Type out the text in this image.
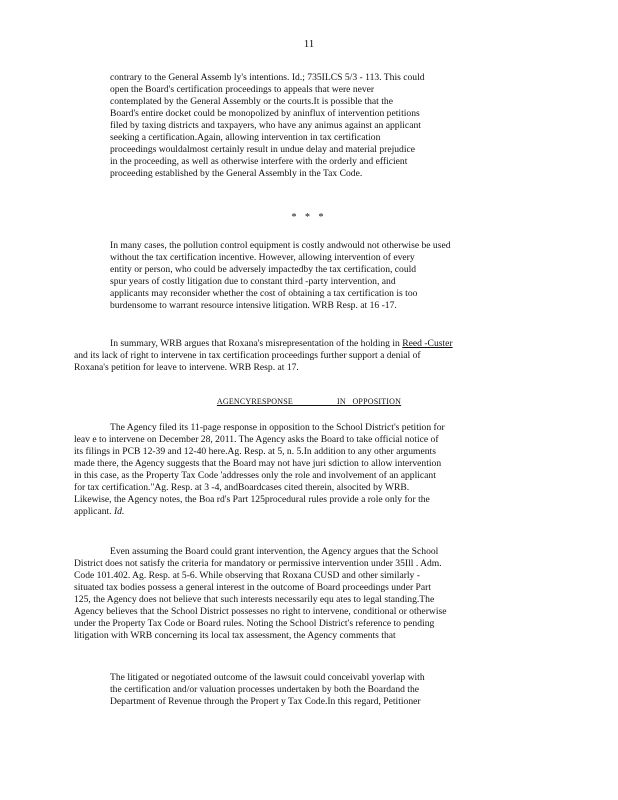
11
contrary to the General Assemb ly's intentions. Id.; 735ILCS 5/3 - 113. This could
open the Board's certification proceedings to appeals that were never
contemplated by the General Assembly or the courts.It is possible that the
Board's entire docket could be monopolized by aninflux of intervention petitions
filed by taxing districts and taxpayers, who have any animus against an applicant
seeking a certification.Again, allowing intervention in tax certification
proceedings wouldalmost certainly result in undue delay and material prejudice
in the proceeding, as well as otherwise interfere with the orderly and efficient
proceeding established by the General Assembly in the Tax Code.
* * *
In many cases, the pollution control equipment is costly andwould not otherwise be used
without the tax certification incentive. However, allowing intervention of every
entity or person, who could be adversely impactedby the tax certification, could
spur years of costly litigation due to constant third -party intervention, and
applicants may reconsider whether the cost of obtaining a tax certification is too
burdensome to warrant resource intensive litigation. WRB Resp. at 16 -17.
In summary, WRB argues that Roxana's misrepresentation of the holding in Reed -Custer
and its lack of right to intervene in tax certification proceedings further support a denial of
Roxana's petition for leave to intervene. WRB Resp. at 17.
AGENCYRESPONSE                    IN   OPPOSITION
The Agency filed its 11-page response in opposition to the School District's petition for
leav e to intervene on December 28, 2011. The Agency asks the Board to take official notice of
its filings in PCB 12-39 and 12-40 here.Ag. Resp. at 5, n. 5.In addition to any other arguments
made there, the Agency suggests that the Board may not have juri sdiction to allow intervention
in this case, as the Property Tax Code 'addresses only the role and involvement of an applicant
for tax certification."Ag. Resp. at 3 -4, andBoardcases cited therein, alsocited by WRB.
Likewise, the Agency notes, the Boa rd's Part 125procedural rules provide a role only for the
applicant. Id.
Even assuming the Board could grant intervention, the Agency argues that the School
District does not satisfy the criteria for mandatory or permissive intervention under 35Ill . Adm.
Code 101.402. Ag. Resp. at 5-6. While observing that Roxana CUSD and other similarly -
situated tax bodies possess a general interest in the outcome of Board proceedings under Part
125, the Agency does not believe that such interests necessarily equ ates to legal standing.The
Agency believes that the School District possesses no right to intervene, conditional or otherwise
under the Property Tax Code or Board rules. Noting the School District's reference to pending
litigation with WRB concerning its local tax assessment, the Agency comments that
The litigated or negotiated outcome of the lawsuit could conceivabl yoverlap with
the certification and/or valuation processes undertaken by both the Boardand the
Department of Revenue through the Propert y Tax Code.In this regard, Petitioner
